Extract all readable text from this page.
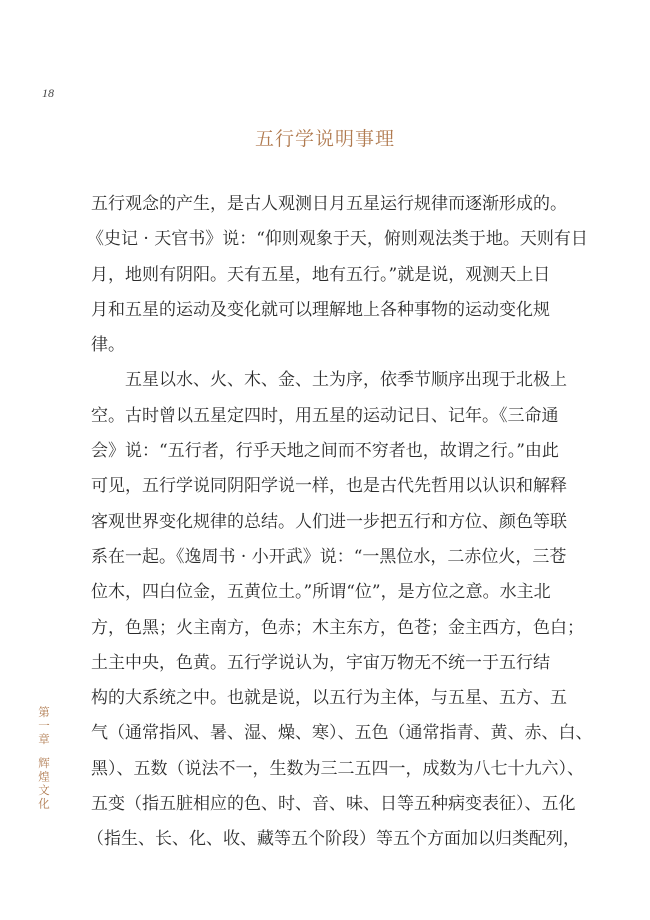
18
五行学说明事理
五行观念的产生，是古人观测日月五星运行规律而逐渐形成的。
《史记 · 天官书》说：“仰则观象于天，俯则观法类于地。天则有日
月，地则有阴阳。天有五星，地有五行。”就是说，观测天上日
月和五星的运动及变化就可以理解地上各种事物的运动变化规
律。
五星以水、火、木、金、土为序，依季节顺序出现于北极上
空。古时曾以五星定四时，用五星的运动记日、记年。《三命通
会》说：“五行者，行乎天地之间而不穷者也，故谓之行。”由此
可见，五行学说同阴阳学说一样，也是古代先哲用以认识和解释
客观世界变化规律的总结。人们进一步把五行和方位、颜色等联
系在一起。《逸周书 · 小开武》说：“一黑位水，二赤位火，三苍
位木，四白位金，五黄位土。”所谓“位”，是方位之意。水主北
方，色黑；火主南方，色赤；木主东方，色苍；金主西方，色白；
土主中央，色黄。五行学说认为，宇宙万物无不统一于五行结
构的大系统之中。也就是说，以五行为主体，与五星、五方、五
气（通常指风、暑、湿、燥、寒）、五色（通常指青、黄、赤、白、
黑）、五数（说法不一，生数为三二五四一，成数为八七十九六）、
五变（指五脏相应的色、时、音、味、日等五种病变表征）、五化
（指生、长、化、收、藏等五个阶段）等五个方面加以归类配列，
第一章辉煌文化
